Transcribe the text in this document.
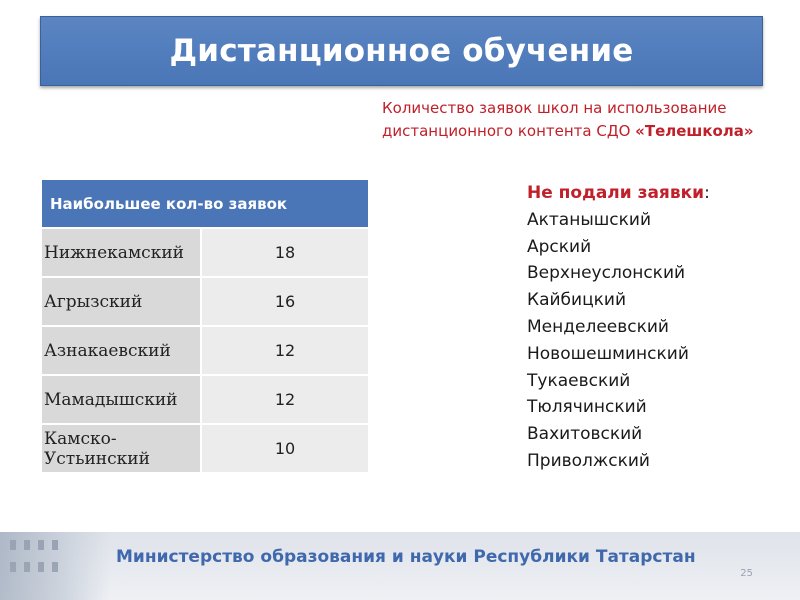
Дистанционное обучение
Количество заявок школ на использование
дистанционного контента СДО «Телешкола»
Наибольшее кол-во заявок	
Нижнекамский	18
Агрызский	16
Азнакаевский	12
Мамадышский	12
Камско-Устьинский	10
Не подали заявки:
Актанышский
Арский
Верхнеуслонский
Кайбицкий
Менделеевский
Новошешминский
Тукаевский
Тюлячинский
Вахитовский
Приволжский
Министерство образования и науки Республики Татарстан
25
